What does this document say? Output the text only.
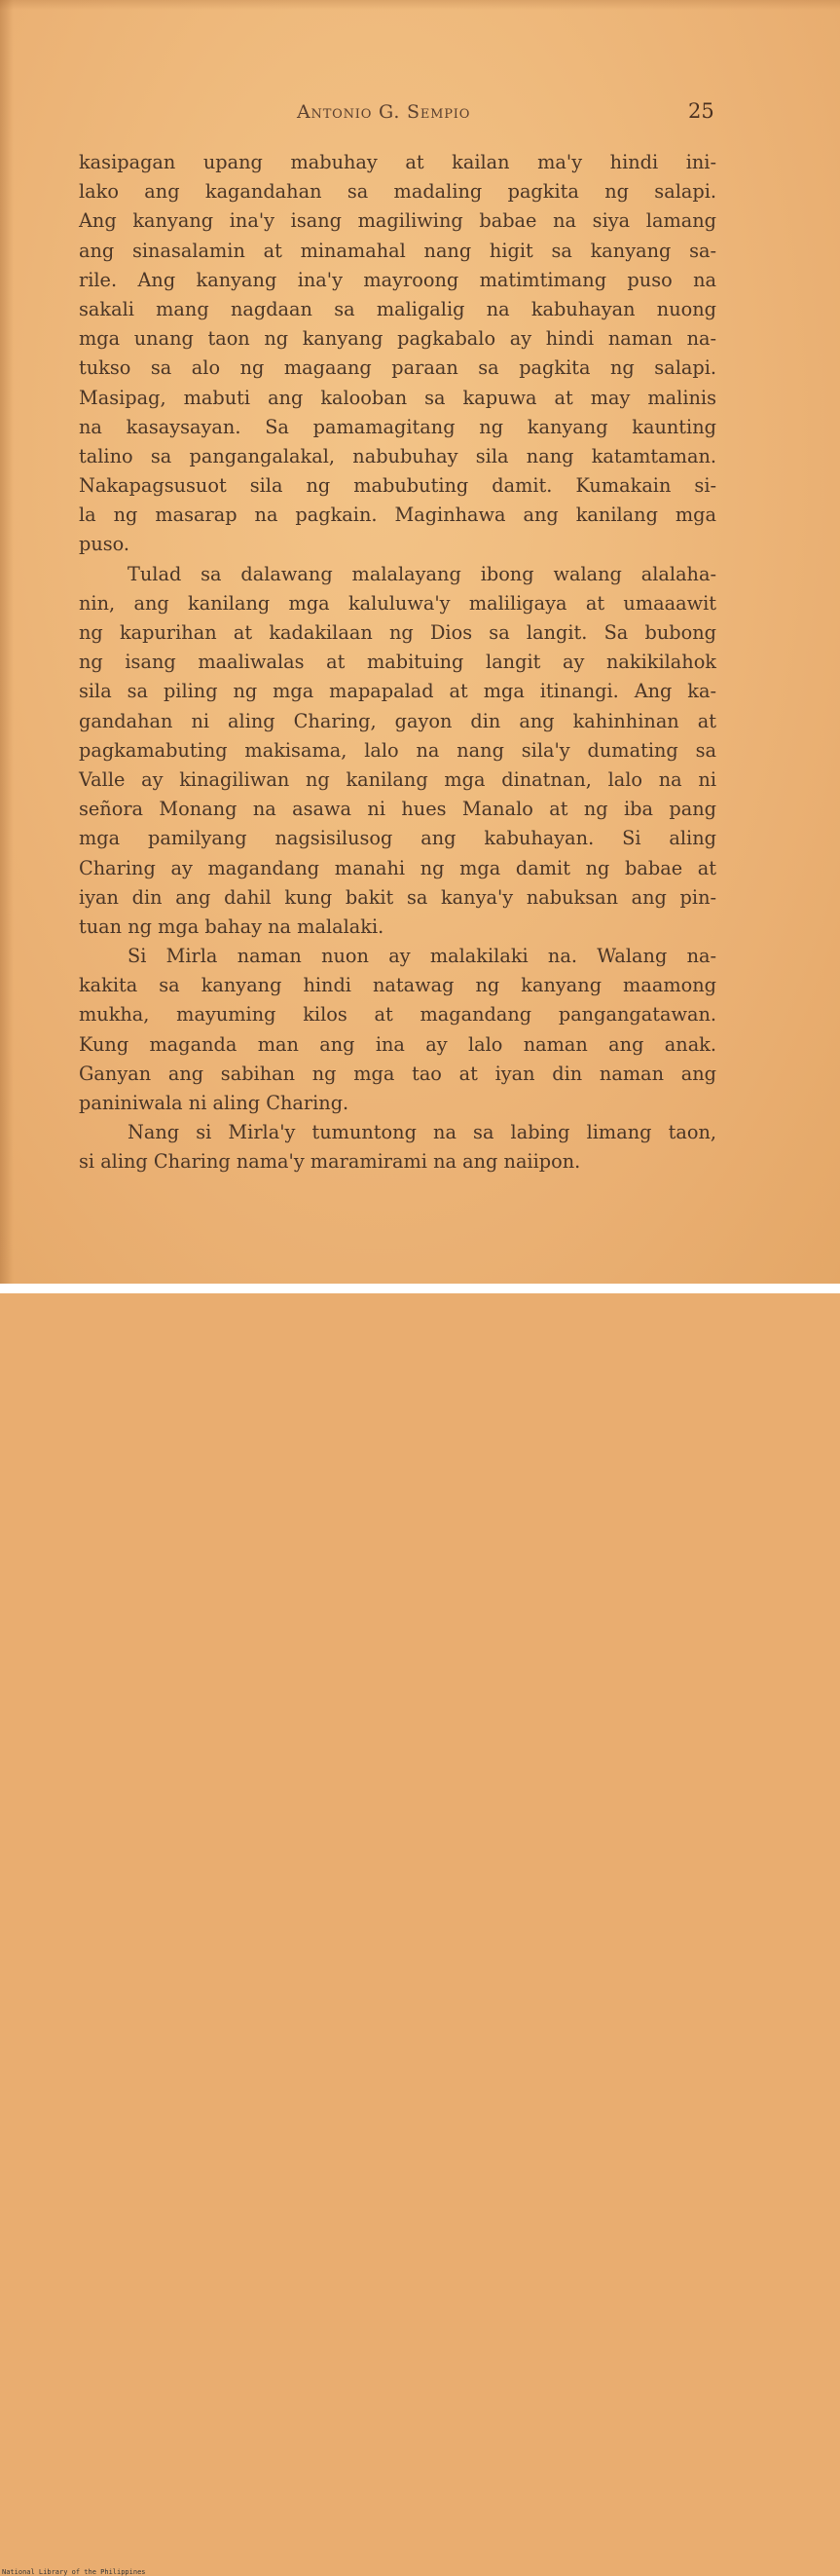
Antonio G. Sempio	25
kasipagan upang mabuhay at kailan ma'y hindi ini-
lako ang kagandahan sa madaling pagkita ng salapi.
Ang kanyang ina'y isang magiliwing babae na siya lamang
ang sinasalamin at minamahal nang higit sa kanyang sa-
rile. Ang kanyang ina'y mayroong matimtimang puso na
sakali mang nagdaan sa maligalig na kabuhayan nuong
mga unang taon ng kanyang pagkabalo ay hindi naman na-
tukso sa alo ng magaang paraan sa pagkita ng salapi.
Masipag, mabuti ang kalooban sa kapuwa at may malinis
na kasaysayan. Sa pamamagitang ng kanyang kaunting
talino sa pangangalakal, nabubuhay sila nang katamtaman.
Nakapagsusuot sila ng mabubuting damit. Kumakain si-
la ng masarap na pagkain. Maginhawa ang kanilang mga
puso.
Tulad sa dalawang malalayang ibong walang alalaha-
nin, ang kanilang mga kaluluwa'y maliligaya at umaaawit
ng kapurihan at kadakilaan ng Dios sa langit. Sa bubong
ng isang maaliwalas at mabituing langit ay nakikilahok
sila sa piling ng mga mapapalad at mga itinangi. Ang ka-
gandahan ni aling Charing, gayon din ang kahinhinan at
pagkamabuting makisama, lalo na nang sila'y dumating sa
Valle ay kinagiliwan ng kanilang mga dinatnan, lalo na ni
señora Monang na asawa ni hues Manalo at ng iba pang
mga pamilyang nagsisilusog ang kabuhayan. Si aling
Charing ay magandang manahi ng mga damit ng babae at
iyan din ang dahil kung bakit sa kanya'y nabuksan ang pin-
tuan ng mga bahay na malalaki.
Si Mirla naman nuon ay malakilaki na. Walang na-
kakita sa kanyang hindi natawag ng kanyang maamong
mukha, mayuming kilos at magandang pangangatawan.
Kung maganda man ang ina ay lalo naman ang anak.
Ganyan ang sabihan ng mga tao at iyan din naman ang
paniniwala ni aling Charing.
Nang si Mirla'y tumuntong na sa labing limang taon,
si aling Charing nama'y maramirami na ang naiipon.
National Library of the Philippines
